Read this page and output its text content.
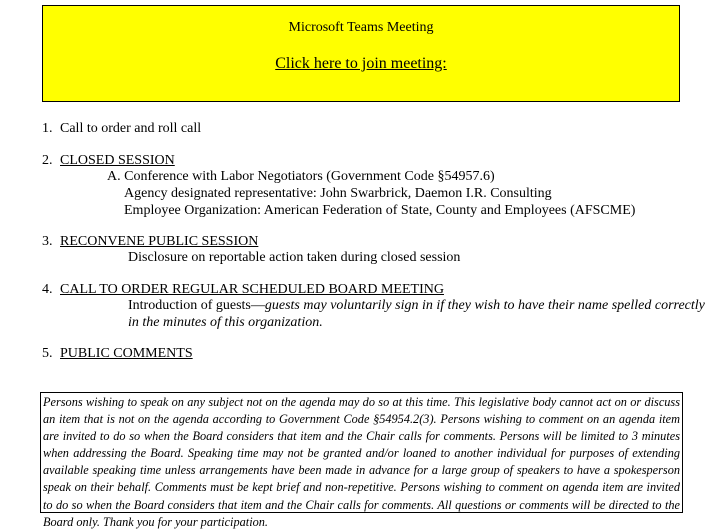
Microsoft Teams Meeting
Click here to join meeting:
1. Call to order and roll call
2. CLOSED SESSION
A. Conference with Labor Negotiators (Government Code §54957.6)
Agency designated representative: John Swarbrick, Daemon I.R. Consulting
Employee Organization: American Federation of State, County and Employees (AFSCME)
3. RECONVENE PUBLIC SESSION
Disclosure on reportable action taken during closed session
4. CALL TO ORDER REGULAR SCHEDULED BOARD MEETING
Introduction of guests—guests may voluntarily sign in if they wish to have their name spelled correctly
in the minutes of this organization.
5. PUBLIC COMMENTS
Persons wishing to speak on any subject not on the agenda may do so at this time. This legislative body cannot act on or discuss an item that is not on the agenda according to Government Code §54954.2(3). Persons wishing to comment on an agenda item are invited to do so when the Board considers that item and the Chair calls for comments. Persons will be limited to 3 minutes when addressing the Board. Speaking time may not be granted and/or loaned to another individual for purposes of extending available speaking time unless arrangements have been made in advance for a large group of speakers to have a spokesperson speak on their behalf. Comments must be kept brief and non-repetitive. Persons wishing to comment on agenda item are invited to do so when the Board considers that item and the Chair calls for comments. All questions or comments will be directed to the Board only. Thank you for your participation.
